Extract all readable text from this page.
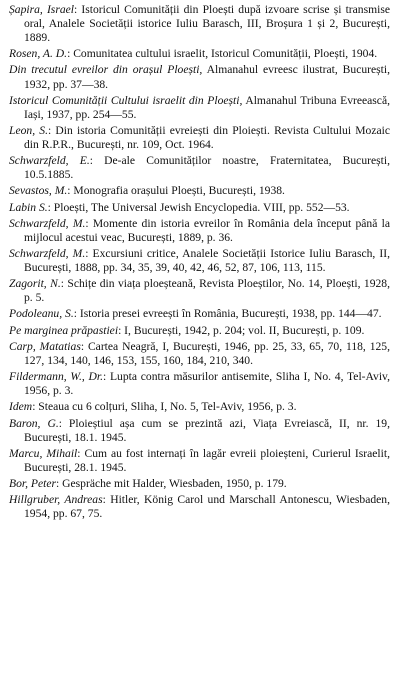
Șapira, Israel: Istoricul Comunității din Ploești după izvoare scrise și transmise oral, Analele Societății istorice Iuliu Barasch, III, Broșura 1 și 2, București, 1889.
Rosen, A. D.: Comunitatea cultului israelit, Istoricul Comunității, Ploești, 1904.
Din trecutul evreilor din orașul Ploești, Almanahul evreesc ilustrat, București, 1932, pp. 37—38.
Istoricul Comunității Cultului israelit din Ploești, Almanahul Tribuna Evreească, Iași, 1937, pp. 254—55.
Leon, S.: Din istoria Comunității evreiești din Ploiești. Revista Cultului Mozaic din R.P.R., București, nr. 109, Oct. 1964.
Schwarzfeld, E.: De-ale Comunităților noastre, Fraternitatea, București, 10.5.1885.
Sevastos, M.: Monografia orașului Ploești, București, 1938.
Labin S.: Ploești, The Universal Jewish Encyclopedia. VIII, pp. 552—53.
Schwarzfeld, M.: Momente din istoria evreilor în România dela început până la mijlocul acestui veac, București, 1889, p. 36.
Schwarzfeld, M.: Excursiuni critice, Analele Societății Istorice Iuliu Barasch, II, București, 1888, pp. 34, 35, 39, 40, 42, 46, 52, 87, 106, 113, 115.
Zagorit, N.: Schițe din viața ploeșteană, Revista Ploeștilor, No. 14, Ploești, 1928, p. 5.
Podoleanu, S.: Istoria presei evreești în România, București, 1938, pp. 144—47.
Pe marginea prăpastiei: I, București, 1942, p. 204; vol. II, București, p. 109.
Carp, Matatias: Cartea Neagră, I, București, 1946, pp. 25, 33, 65, 70, 118, 125, 127, 134, 140, 146, 153, 155, 160, 184, 210, 340.
Fildermann, W., Dr.: Lupta contra măsurilor antisemite, Sliha I, No. 4, Tel-Aviv, 1956, p. 3.
Idem: Steaua cu 6 colțuri, Sliha, I, No. 5, Tel-Aviv, 1956, p. 3.
Baron, G.: Ploieștiul așa cum se prezintă azi, Viața Evreiască, II, nr. 19, București, 18.1. 1945.
Marcu, Mihail: Cum au fost internați în lagăr evreii ploieșteni, Curierul Israelit, București, 28.1. 1945.
Bor, Peter: Gespräche mit Halder, Wiesbaden, 1950, p. 179.
Hillgruber, Andreas: Hitler, König Carol und Marschall Antonescu, Wiesbaden, 1954, pp. 67, 75.
